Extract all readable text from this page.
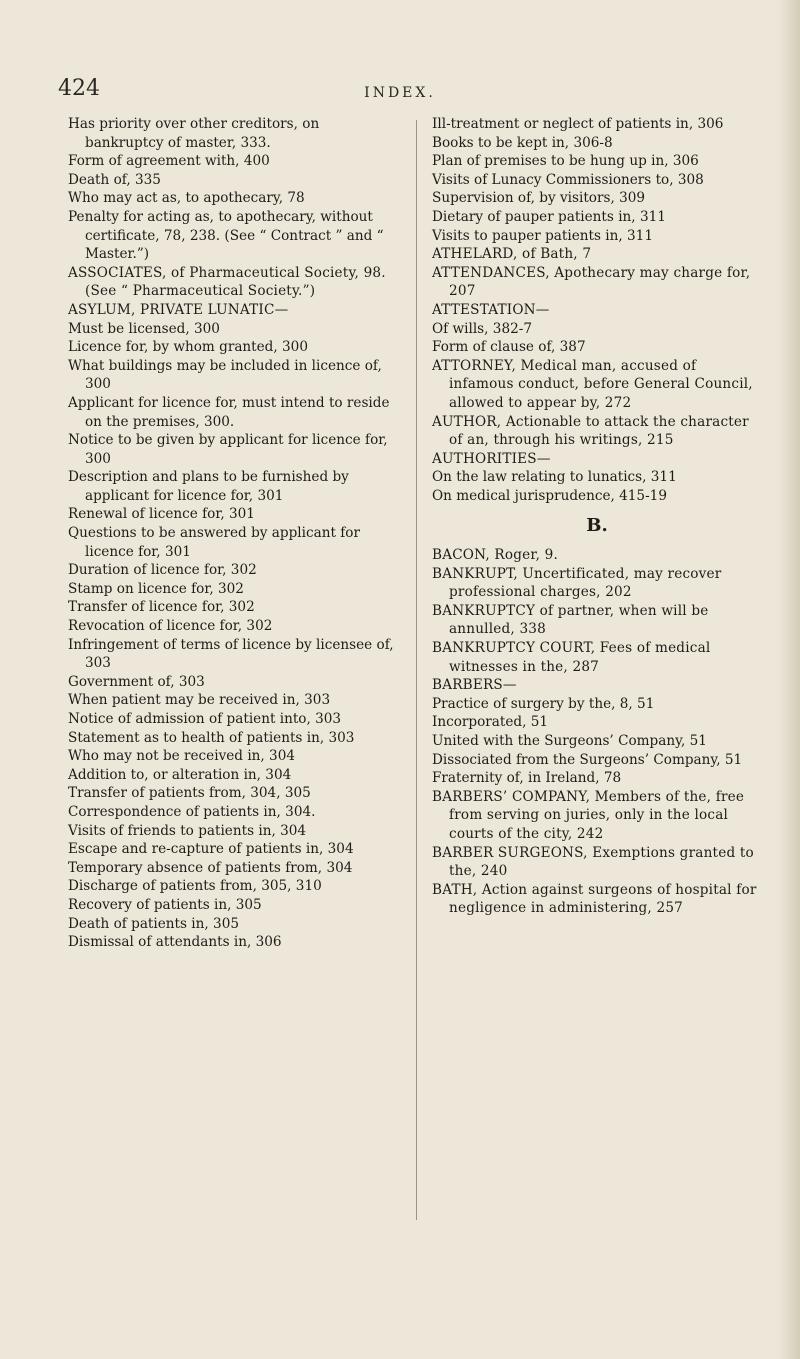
424	INDEX.

Has priority over other creditors, on bankruptcy of master, 333.

Form of agreement with, 400

Death of, 335

Who may act as, to apothecary, 78

Penalty for acting as, to apothecary, without certificate, 78, 238. (See “ Contract ” and “ Master.”)

ASSOCIATES, of Pharmaceutical Society, 98. (See “ Pharmaceutical Society.”)

ASYLUM, PRIVATE LUNATIC—

Must be licensed, 300

Licence for, by whom granted, 300

What buildings may be included in licence of, 300

Applicant for licence for, must intend to reside on the premises, 300.

Notice to be given by applicant for licence for, 300

Description and plans to be furnished by applicant for licence for, 301

Renewal of licence for, 301

Questions to be answered by applicant for licence for, 301

Duration of licence for, 302

Stamp on licence for, 302

Transfer of licence for, 302

Revocation of licence for, 302

Infringement of terms of licence by licensee of, 303

Government of, 303

When patient may be received in, 303

Notice of admission of patient into, 303

Statement as to health of patients in, 303

Who may not be received in, 304

Addition to, or alteration in, 304

Transfer of patients from, 304, 305

Correspondence of patients in, 304.

Visits of friends to patients in, 304

Escape and re-capture of patients in, 304

Temporary absence of patients from, 304

Discharge of patients from, 305, 310

Recovery of patients in, 305

Death of patients in, 305

Dismissal of attendants in, 306

Ill-treatment or neglect of patients in, 306

Books to be kept in, 306-8

Plan of premises to be hung up in, 306

Visits of Lunacy Commissioners to, 308

Supervision of, by visitors, 309

Dietary of pauper patients in, 311

Visits to pauper patients in, 311

ATHELARD, of Bath, 7

ATTENDANCES, Apothecary may charge for, 207

ATTESTATION—

Of wills, 382-7

Form of clause of, 387

ATTORNEY, Medical man, accused of infamous conduct, before General Council, allowed to appear by, 272

AUTHOR, Actionable to attack the character of an, through his writings, 215

AUTHORITIES—

On the law relating to lunatics, 311

On medical jurisprudence, 415-19

B.

BACON, Roger, 9.

BANKRUPT, Uncertificated, may recover professional charges, 202

BANKRUPTCY of partner, when will be annulled, 338

BANKRUPTCY COURT, Fees of medical witnesses in the, 287

BARBERS—

Practice of surgery by the, 8, 51

Incorporated, 51

United with the Surgeons’ Company, 51

Dissociated from the Surgeons’ Company, 51

Fraternity of, in Ireland, 78

BARBERS’ COMPANY, Members of the, free from serving on juries, only in the local courts of the city, 242

BARBER SURGEONS, Exemptions granted to the, 240

BATH, Action against surgeons of hospital for negligence in administering, 257
